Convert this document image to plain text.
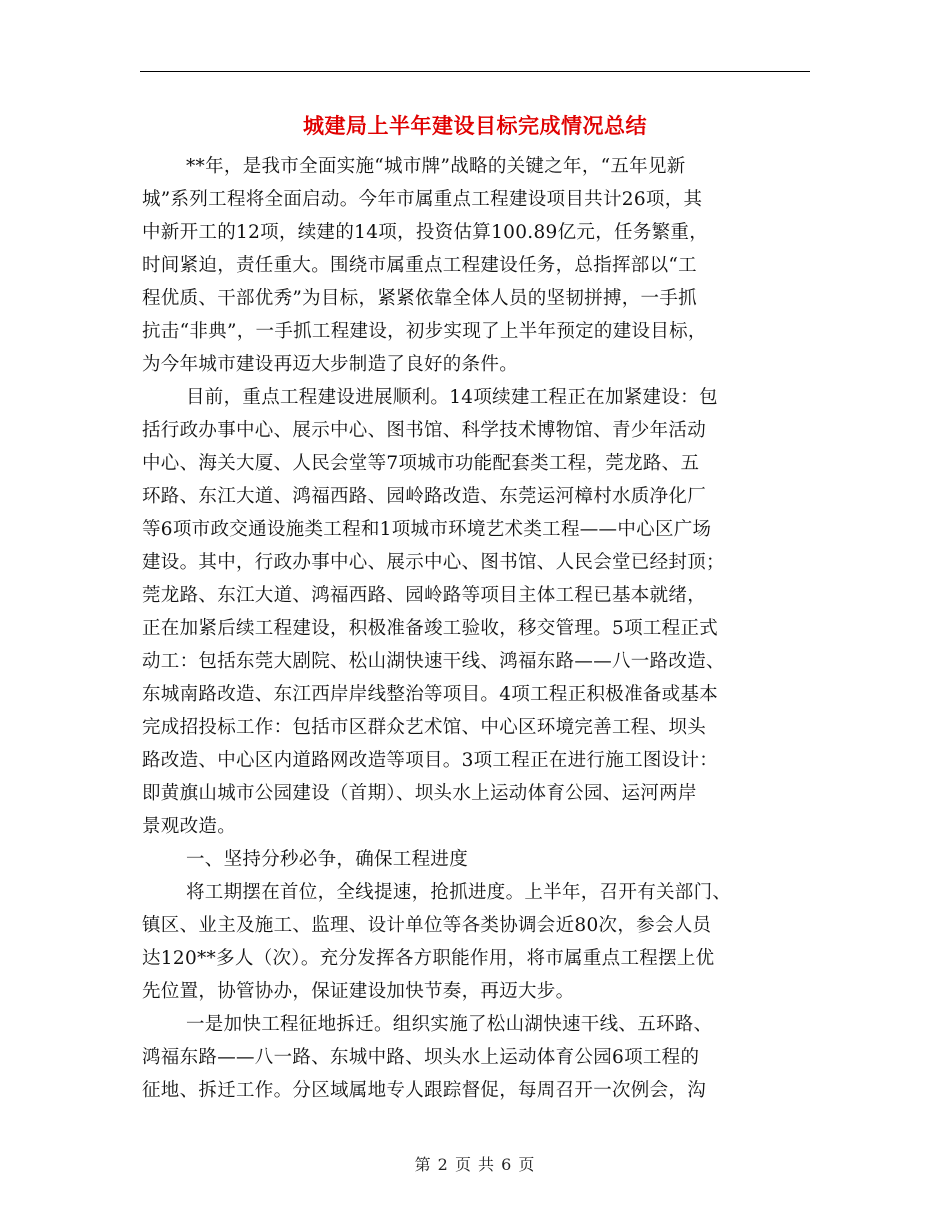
城建局上半年建设目标完成情况总结
**年，是我市全面实施“城市牌”战略的关键之年，“五年见新
城”系列工程将全面启动。今年市属重点工程建设项目共计26项，其
中新开工的12项，续建的14项，投资估算100.89亿元，任务繁重，
时间紧迫，责任重大。围绕市属重点工程建设任务，总指挥部以“工
程优质、干部优秀”为目标，紧紧依靠全体人员的坚韧拼搏，一手抓
抗击“非典”，一手抓工程建设，初步实现了上半年预定的建设目标，
为今年城市建设再迈大步制造了良好的条件。
目前，重点工程建设进展顺利。14项续建工程正在加紧建设：包
括行政办事中心、展示中心、图书馆、科学技术博物馆、青少年活动
中心、海关大厦、人民会堂等7项城市功能配套类工程，莞龙路、五
环路、东江大道、鸿福西路、园岭路改造、东莞运河樟村水质净化厂
等6项市政交通设施类工程和1项城市环境艺术类工程——中心区广场
建设。其中，行政办事中心、展示中心、图书馆、人民会堂已经封顶；
莞龙路、东江大道、鸿福西路、园岭路等项目主体工程已基本就绪，
正在加紧后续工程建设，积极准备竣工验收，移交管理。5项工程正式
动工：包括东莞大剧院、松山湖快速干线、鸿福东路——八一路改造、
东城南路改造、东江西岸岸线整治等项目。4项工程正积极准备或基本
完成招投标工作：包括市区群众艺术馆、中心区环境完善工程、坝头
路改造、中心区内道路网改造等项目。3项工程正在进行施工图设计：
即黄旗山城市公园建设（首期）、坝头水上运动体育公园、运河两岸
景观改造。
一、坚持分秒必争，确保工程进度
将工期摆在首位，全线提速，抢抓进度。上半年，召开有关部门、
镇区、业主及施工、监理、设计单位等各类协调会近80次，参会人员
达120**多人（次）。充分发挥各方职能作用，将市属重点工程摆上优
先位置，协管协办，保证建设加快节奏，再迈大步。
一是加快工程征地拆迁。组织实施了松山湖快速干线、五环路、
鸿福东路——八一路、东城中路、坝头水上运动体育公园6项工程的
征地、拆迁工作。分区域属地专人跟踪督促，每周召开一次例会，沟
第 2 页 共 6 页
